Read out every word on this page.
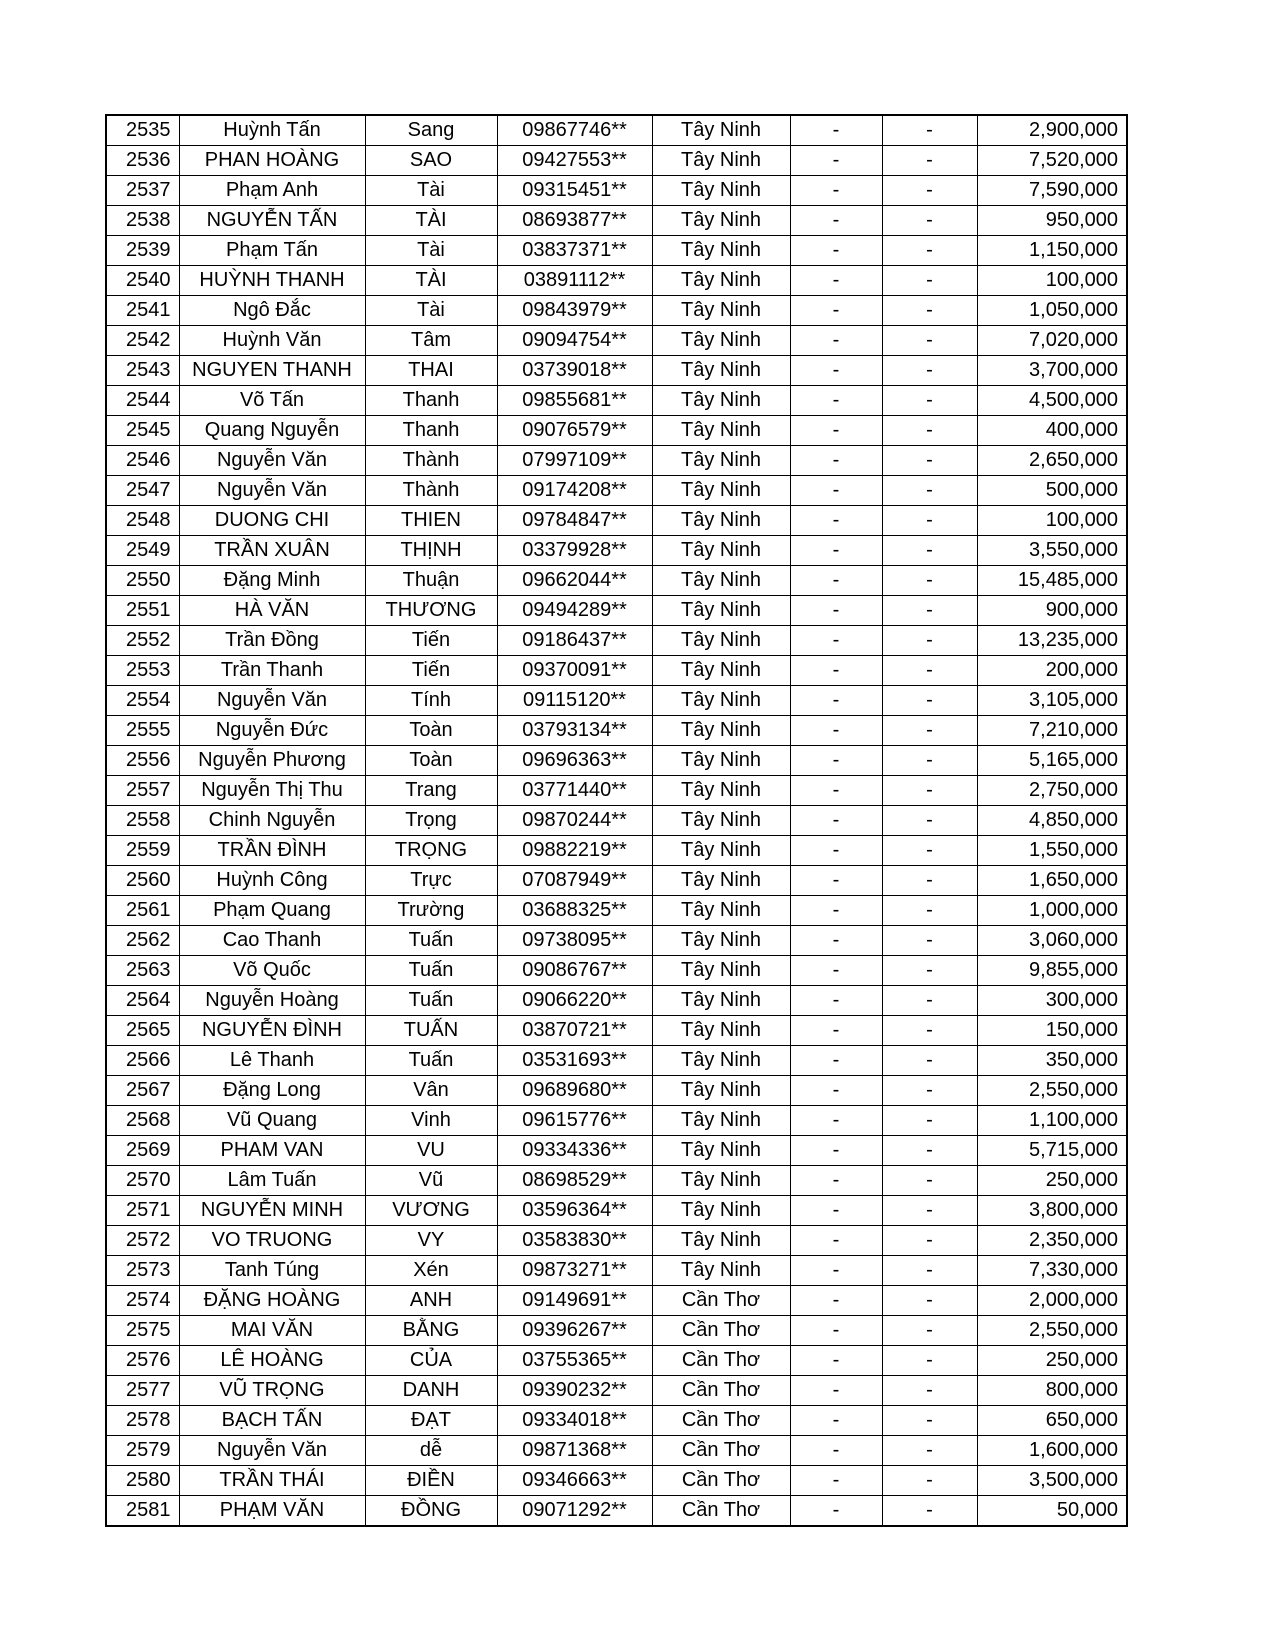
2535	Huỳnh Tấn	Sang	09867746**	Tây Ninh	-	-	2,900,000
2536	PHAN HOÀNG	SAO	09427553**	Tây Ninh	-	-	7,520,000
2537	Phạm Anh	Tài	09315451**	Tây Ninh	-	-	7,590,000
2538	NGUYỄN TẤN	TÀI	08693877**	Tây Ninh	-	-	950,000
2539	Phạm Tấn	Tài	03837371**	Tây Ninh	-	-	1,150,000
2540	HUỲNH THANH	TÀI	03891112**	Tây Ninh	-	-	100,000
2541	Ngô Đắc	Tài	09843979**	Tây Ninh	-	-	1,050,000
2542	Huỳnh Văn	Tâm	09094754**	Tây Ninh	-	-	7,020,000
2543	NGUYEN THANH	THAI	03739018**	Tây Ninh	-	-	3,700,000
2544	Võ Tấn	Thanh	09855681**	Tây Ninh	-	-	4,500,000
2545	Quang Nguyễn	Thanh	09076579**	Tây Ninh	-	-	400,000
2546	Nguyễn Văn	Thành	07997109**	Tây Ninh	-	-	2,650,000
2547	Nguyễn Văn	Thành	09174208**	Tây Ninh	-	-	500,000
2548	DUONG CHI	THIEN	09784847**	Tây Ninh	-	-	100,000
2549	TRẦN XUÂN	THỊNH	03379928**	Tây Ninh	-	-	3,550,000
2550	Đặng Minh	Thuận	09662044**	Tây Ninh	-	-	15,485,000
2551	HÀ VĂN	THƯƠNG	09494289**	Tây Ninh	-	-	900,000
2552	Trần Đồng	Tiến	09186437**	Tây Ninh	-	-	13,235,000
2553	Trần Thanh	Tiến	09370091**	Tây Ninh	-	-	200,000
2554	Nguyễn Văn	Tính	09115120**	Tây Ninh	-	-	3,105,000
2555	Nguyễn Đức	Toàn	03793134**	Tây Ninh	-	-	7,210,000
2556	Nguyễn Phương	Toàn	09696363**	Tây Ninh	-	-	5,165,000
2557	Nguyễn Thị Thu	Trang	03771440**	Tây Ninh	-	-	2,750,000
2558	Chinh Nguyễn	Trọng	09870244**	Tây Ninh	-	-	4,850,000
2559	TRẦN ĐÌNH	TRỌNG	09882219**	Tây Ninh	-	-	1,550,000
2560	Huỳnh Công	Trực	07087949**	Tây Ninh	-	-	1,650,000
2561	Phạm Quang	Trường	03688325**	Tây Ninh	-	-	1,000,000
2562	Cao Thanh	Tuấn	09738095**	Tây Ninh	-	-	3,060,000
2563	Võ Quốc	Tuấn	09086767**	Tây Ninh	-	-	9,855,000
2564	Nguyễn Hoàng	Tuấn	09066220**	Tây Ninh	-	-	300,000
2565	NGUYỄN ĐÌNH	TUẤN	03870721**	Tây Ninh	-	-	150,000
2566	Lê Thanh	Tuấn	03531693**	Tây Ninh	-	-	350,000
2567	Đặng Long	Vân	09689680**	Tây Ninh	-	-	2,550,000
2568	Vũ Quang	Vinh	09615776**	Tây Ninh	-	-	1,100,000
2569	PHAM VAN	VU	09334336**	Tây Ninh	-	-	5,715,000
2570	Lâm Tuấn	Vũ	08698529**	Tây Ninh	-	-	250,000
2571	NGUYỄN MINH	VƯƠNG	03596364**	Tây Ninh	-	-	3,800,000
2572	VO TRUONG	VY	03583830**	Tây Ninh	-	-	2,350,000
2573	Tanh Túng	Xén	09873271**	Tây Ninh	-	-	7,330,000
2574	ĐẶNG HOÀNG	ANH	09149691**	Cần Thơ	-	-	2,000,000
2575	MAI VĂN	BẰNG	09396267**	Cần Thơ	-	-	2,550,000
2576	LÊ HOÀNG	CỦA	03755365**	Cần Thơ	-	-	250,000
2577	VŨ TRỌNG	DANH	09390232**	Cần Thơ	-	-	800,000
2578	BẠCH TẤN	ĐẠT	09334018**	Cần Thơ	-	-	650,000
2579	Nguyễn Văn	dễ	09871368**	Cần Thơ	-	-	1,600,000
2580	TRẦN THÁI	ĐIỀN	09346663**	Cần Thơ	-	-	3,500,000
2581	PHẠM VĂN	ĐỒNG	09071292**	Cần Thơ	-	-	50,000
